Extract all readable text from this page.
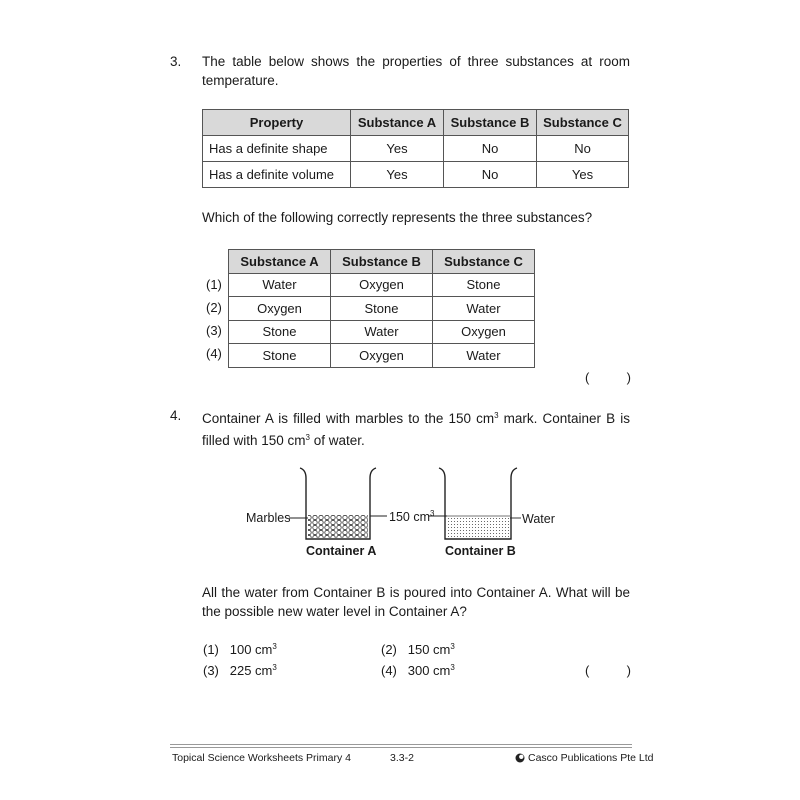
3. The table below shows the properties of three substances at room temperature.
Property	Substance A	Substance B	Substance C
Has a definite shape	Yes	No	No
Has a definite volume	Yes	No	Yes
Which of the following correctly represents the three substances?
(1)
(2)
(3)
(4)
Substance A	Substance B	Substance C
Water	Oxygen	Stone
Oxygen	Stone	Water
Stone	Water	Oxygen
Stone	Oxygen	Water
(	)
4. Container A is filled with marbles to the 150 $cm^3$ mark. Container B is filled with 150 $cm^3$ of water.
Marbles	150 $cm^3$	Water
Container A	Container B
All the water from Container B is poured into Container A. What will be the possible new water level in Container A?
(1) 100 $cm^3$	(2) 150 $cm^3$
(3) 225 $cm^3$	(4) 300 $cm^3$	(	)
Topical Science Worksheets Primary 4	3.3-2	Casco Publications Pte Ltd
